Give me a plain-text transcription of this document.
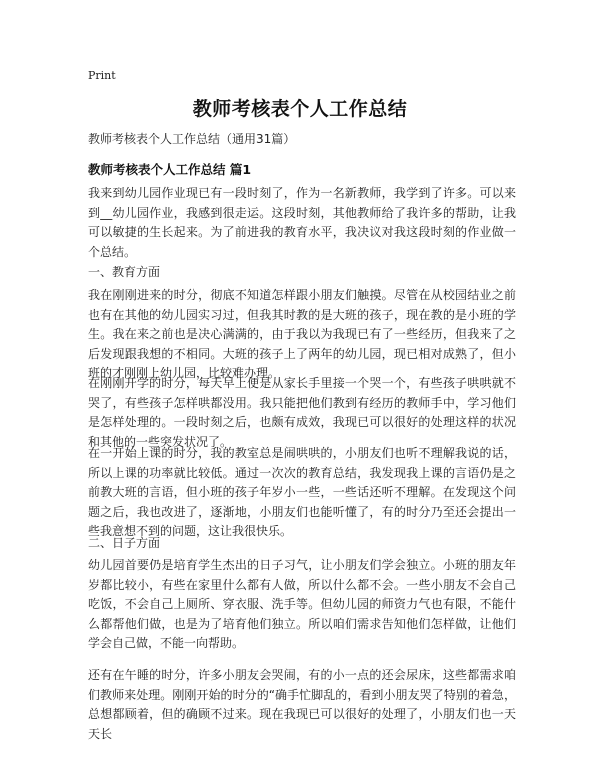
Print
教师考核表个人工作总结
教师考核表个人工作总结（通用31篇）
教师考核表个人工作总结 篇1

我来到幼儿园作业现已有一段时刻了，作为一名新教师，我学到了许多。可以来到__幼儿园作业，我感到很走运。这段时刻，其他教师给了我许多的帮助，让我可以敏捷的生长起来。为了前进我的教育水平，我决议对我这段时刻的作业做一个总结。

一、教育方面

我在刚刚进来的时分，彻底不知道怎样跟小朋友们触摸。尽管在从校园结业之前也有在其他的幼儿园实习过，但我其时教的是大班的孩子，现在教的是小班的学生。我在来之前也是决心满满的，由于我以为我现已有了一些经历，但我来了之后发现跟我想的不相同。大班的孩子上了两年的幼儿园，现已相对成熟了，但小班的才刚刚上幼儿园，比较难办理。

在刚刚开学的时分，每天早上便是从家长手里接一个哭一个，有些孩子哄哄就不哭了，有些孩子怎样哄都没用。我只能把他们教到有经历的教师手中，学习他们是怎样处理的。一段时刻之后，也颇有成效，我现已可以很好的处理这样的状况和其他的一些突发状况了。

在一开始上课的时分，我的教室总是闹哄哄的，小朋友们也听不理解我说的话，所以上课的功率就比较低。通过一次次的教育总结，我发现我上课的言语仍是之前教大班的言语，但小班的孩子年岁小一些，一些话还听不理解。在发现这个问题之后，我也改进了，逐渐地，小朋友们也能听懂了，有的时分乃至还会提出一些我意想不到的问题，这让我很快乐。

二、日子方面

幼儿园首要仍是培育学生杰出的日子习气，让小朋友们学会独立。小班的朋友年岁都比较小，有些在家里什么都有人做，所以什么都不会。一些小朋友不会自己吃饭，不会自己上厕所、穿衣服、洗手等。但幼儿园的师资力气也有限，不能什么都帮他们做，也是为了培育他们独立。所以咱们需求告知他们怎样做，让他们学会自己做，不能一向帮助。

还有在午睡的时分，许多小朋友会哭闹，有的小一点的还会尿床，这些都需求咱们教师来处理。刚刚开始的时分的“确手忙脚乱的，看到小朋友哭了特别的着急，总想都顾着，但的确顾不过来。现在我现已可以很好的处理了，小朋友们也一天天长
